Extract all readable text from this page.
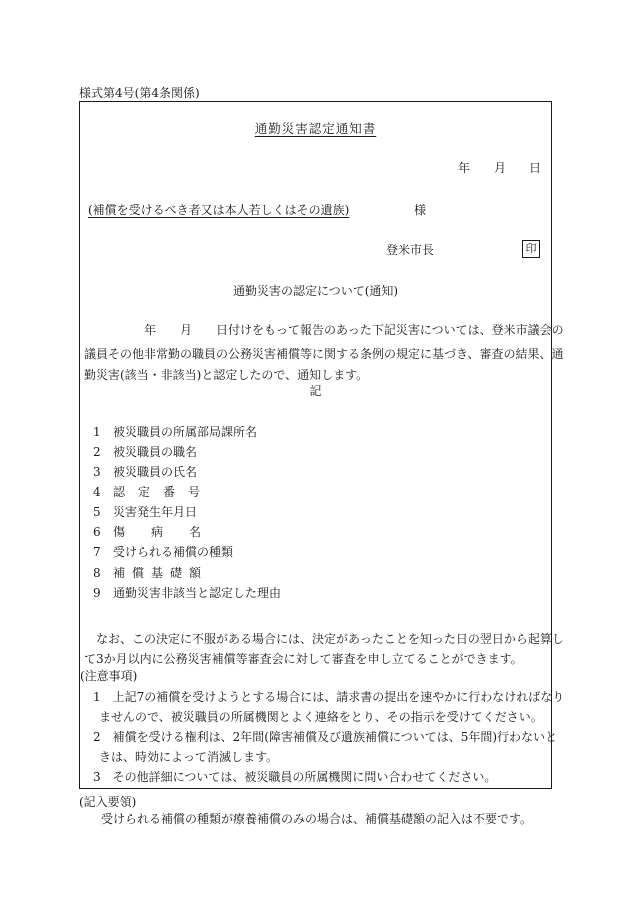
様式第4号(第4条関係)
通勤災害認定通知書
年 月 日
(補償を受けるべき者又は本人若しくはその遺族)	様
登米市長	印
通勤災害の認定について(通知)
年　　月　　日付けをもって報告のあった下記災害については、登米市議会の
議員その他非常勤の職員の公務災害補償等に関する条例の規定に基づき、審査の結果、通
勤災害(該当・非該当)と認定したので、通知します。
記
1 被災職員の所属部局課所名
2 被災職員の職名
3 被災職員の氏名
4 認定番号
5 災害発生年月日
6 傷病名
7 受けられる補償の種類
8 補償基礎額
9 通勤災害非該当と認定した理由
なお、この決定に不服がある場合には、決定があったことを知った日の翌日から起算し
て3か月以内に公務災害補償等審査会に対して審査を申し立てることができます。
(注意事項)
1　上記7の補償を受けようとする場合には、請求書の提出を速やかに行わなければなり
ませんので、被災職員の所属機関とよく連絡をとり、その指示を受けてください。
2　補償を受ける権利は、2年間(障害補償及び遺族補償については、5年間)行わないと
きは、時効によって消滅します。
3　その他詳細については、被災職員の所属機関に問い合わせてください。
(記入要領)
受けられる補償の種類が療養補償のみの場合は、補償基礎額の記入は不要です。
